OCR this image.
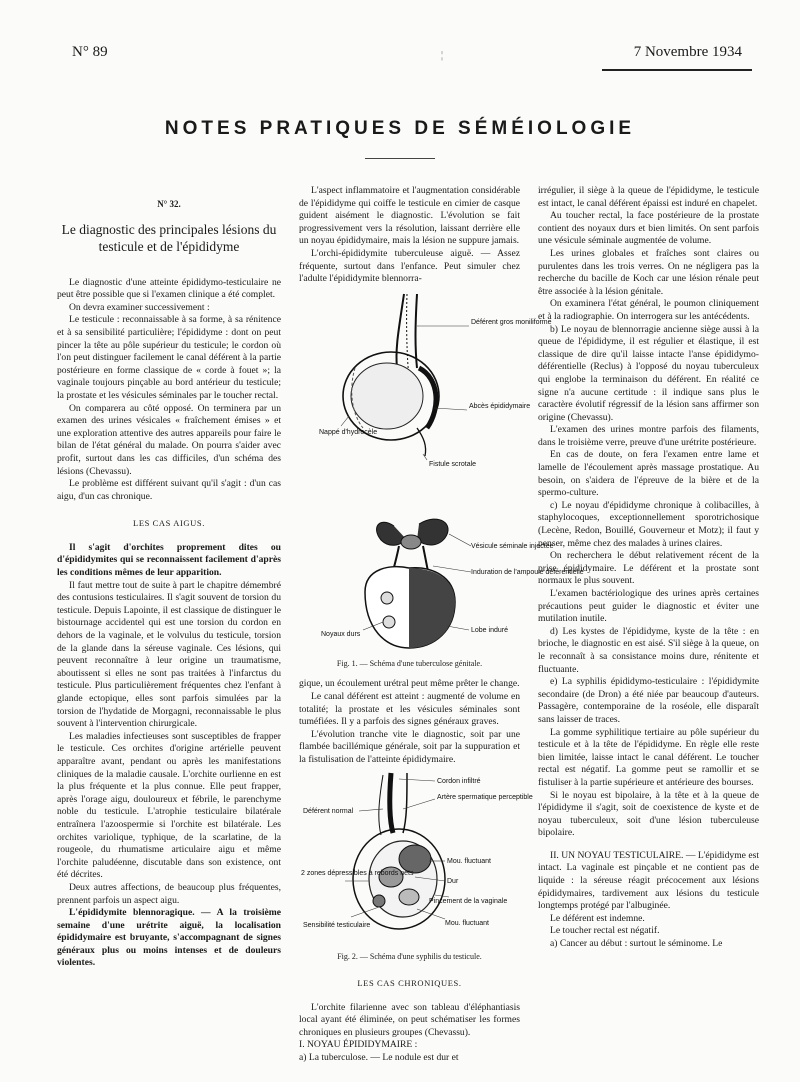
N° 89	¦	7 Novembre 1934
NOTES PRATIQUES DE SÉMÉIOLOGIE
N° 32.
Le diagnostic des principales lésions du testicule et de l'épididyme

Le diagnostic d'une atteinte épididymo-testiculaire ne peut être possible que si l'examen clinique a été complet.

On devra examiner successivement :

Le testicule : reconnaissable à sa forme, à sa rénitence et à sa sensibilité particulière; l'épididyme : dont on peut pincer la tête au pôle supérieur du testicule; le cordon où l'on peut distinguer facilement le canal déférent à la partie postérieure en forme classique de « corde à fouet »; la vaginale toujours pinçable au bord antérieur du testicule; la prostate et les vésicules séminales par le toucher rectal.

On comparera au côté opposé. On terminera par un examen des urines vésicales « fraîchement émises » et une exploration attentive des autres appareils pour faire le bilan de l'état général du malade. On pourra s'aider avec profit, surtout dans les cas difficiles, d'un schéma des lésions (Chevassu).

Le problème est différent suivant qu'il s'agit : d'un cas aigu, d'un cas chronique.

LES CAS AIGUS.

Il s'agit d'orchites proprement dites ou d'épididymites qui se reconnaissent facilement d'après les conditions mêmes de leur apparition.

Il faut mettre tout de suite à part le chapitre démembré des contusions testiculaires. Il s'agit souvent de torsion du testicule. Depuis Lapointe, il est classique de distinguer le bistournage accidentel qui est une torsion du cordon en dehors de la vaginale, et le volvulus du testicule, torsion de la glande dans la séreuse vaginale. Ces lésions, qui peuvent reconnaître à leur origine un traumatisme, aboutissent si elles ne sont pas traitées à l'infarctus du testicule. Plus particulièrement fréquentes chez l'enfant à glande ectopique, elles sont parfois simulées par la torsion de l'hydatide de Morgagni, reconnaissable le plus souvent à l'intervention chirurgicale.

Les maladies infectieuses sont susceptibles de frapper le testicule. Ces orchites d'origine artérielle peuvent apparaître avant, pendant ou après les manifestations cliniques de la maladie causale. L'orchite ourlienne en est la plus fréquente et la plus connue. Elle peut frapper, après l'orage aigu, douloureux et fébrile, le parenchyme noble du testicule. L'atrophie testiculaire bilatérale entraînera l'azoospermie si l'orchite est bilatérale. Les orchites variolique, typhique, de la scarlatine, de la rougeole, du rhumatisme articulaire aigu et même l'orchite paludéenne, discutable dans son existence, ont été décrites.

Deux autres affections, de beaucoup plus fréquentes, prennent parfois un aspect aigu.

L'épididymite blennoragique. — A la troisième semaine d'une urétrite aiguë, la localisation épididymaire est bruyante, s'accompagnant de signes généraux plus ou moins intenses et de douleurs violentes.

L'aspect inflammatoire et l'augmentation considérable de l'épididyme qui coiffe le testicule en cimier de casque guident aisément le diagnostic. L'évolution se fait progressivement vers la résolution, laissant derrière elle un noyau épididymaire, mais la lésion ne suppure jamais.

L'orchi-épididymite tuberculeuse aiguë. — Assez fréquente, surtout dans l'enfance. Peut simuler chez l'adulte l'épididymite blennorra-

Déférent gros moniliforme
Abcès épididymaire
Nappé d'hydrocèle
Fistule scrotale
Vésicule séminale injectée
Induration de l'ampoule déférentielle
Noyaux durs
Lobe induré
Fig. 1. — Schéma d'une tuberculose génitale.

gique, un écoulement urétral peut même prêter le change.

Le canal déférent est atteint : augmenté de volume en totalité; la prostate et les vésicules séminales sont tuméfiées. Il y a parfois des signes généraux graves.

L'évolution tranche vite le diagnostic, soit par une flambée bacillémique générale, soit par la suppuration et la fistulisation de l'atteinte épididymaire.

Cordon infiltré
Artère spermatique perceptible
Déférent normal
Mou. fluctuant
Dur
2 zones dépressibles à rebords nets
Pincement de la vaginale
Sensibilité testiculaire	Mou. fluctuant
Fig. 2. — Schéma d'une syphilis du testicule.
LES CAS CHRONIQUES.

L'orchite filarienne avec son tableau d'éléphantiasis local ayant été éliminée, on peut schématiser les formes chroniques en plusieurs groupes (Chevassu).

I. NOYAU ÉPIDIDYMAIRE :

a) La tuberculose. — Le nodule est dur et

irrégulier, il siège à la queue de l'épididyme, le testicule est intact, le canal déférent épaissi est induré en chapelet.

Au toucher rectal, la face postérieure de la prostate contient des noyaux durs et bien limités. On sent parfois une vésicule séminale augmentée de volume.

Les urines globales et fraîches sont claires ou purulentes dans les trois verres. On ne négligera pas la recherche du bacille de Koch car une lésion rénale peut être associée à la lésion génitale.

On examinera l'état général, le poumon cliniquement et à la radiographie. On interrogera sur les antécédents.

b) Le noyau de blennorragie ancienne siège aussi à la queue de l'épididyme, il est régulier et élastique, il est classique de dire qu'il laisse intacte l'anse épididymo-déférentielle (Reclus) à l'opposé du noyau tuberculeux qui englobe la terminaison du déférent. En réalité ce signe n'a aucune certitude : il indique sans plus le caractère évolutif régressif de la lésion sans affirmer son origine (Chevassu).

L'examen des urines montre parfois des filaments, dans le troisième verre, preuve d'une urétrite postérieure.

En cas de doute, on fera l'examen entre lame et lamelle de l'écoulement après massage prostatique. Au besoin, on s'aidera de l'épreuve de la bière et de la spermo-culture.

c) Le noyau d'épididyme chronique à colibacilles, à staphylocoques, exceptionnellement sporotrichosique (Lecène, Redon, Bouillé, Gouverneur et Motz); il faut y penser, même chez des malades à urines claires.

On recherchera le début relativement récent de la prise épididymaire. Le déférent et la prostate sont normaux le plus souvent.

L'examen bactériologique des urines après certaines précautions peut guider le diagnostic et éviter une mutilation inutile.

d) Les kystes de l'épididyme, kyste de la tête : en brioche, le diagnostic en est aisé. S'il siège à la queue, on le reconnaît à sa consistance moins dure, rénitente et fluctuante.

e) La syphilis épididymo-testiculaire : l'épididymite secondaire (de Dron) a été niée par beaucoup d'auteurs. Passagère, contemporaine de la roséole, elle disparaît sans laisser de traces.

La gomme syphilitique tertiaire au pôle supérieur du testicule et à la tête de l'épididyme. En règle elle reste bien limitée, laisse intact le canal déférent. Le toucher rectal est négatif. La gomme peut se ramollir et se fistuliser à la partie supérieure et antérieure des bourses.

Si le noyau est bipolaire, à la tête et à la queue de l'épididyme il s'agit, soit de coexistence de kyste et de noyau tuberculeux, soit d'une lésion tuberculeuse bipolaire.

II. UN NOYAU TESTICULAIRE. — L'épididyme est intact. La vaginale est pinçable et ne contient pas de liquide : la séreuse réagit précocement aux lésions épididymaires, tardivement aux lésions du testicule longtemps protégé par l'albuginée.

Le déférent est indemne.

Le toucher rectal est négatif.

a) Cancer au début : surtout le séminome. Le
